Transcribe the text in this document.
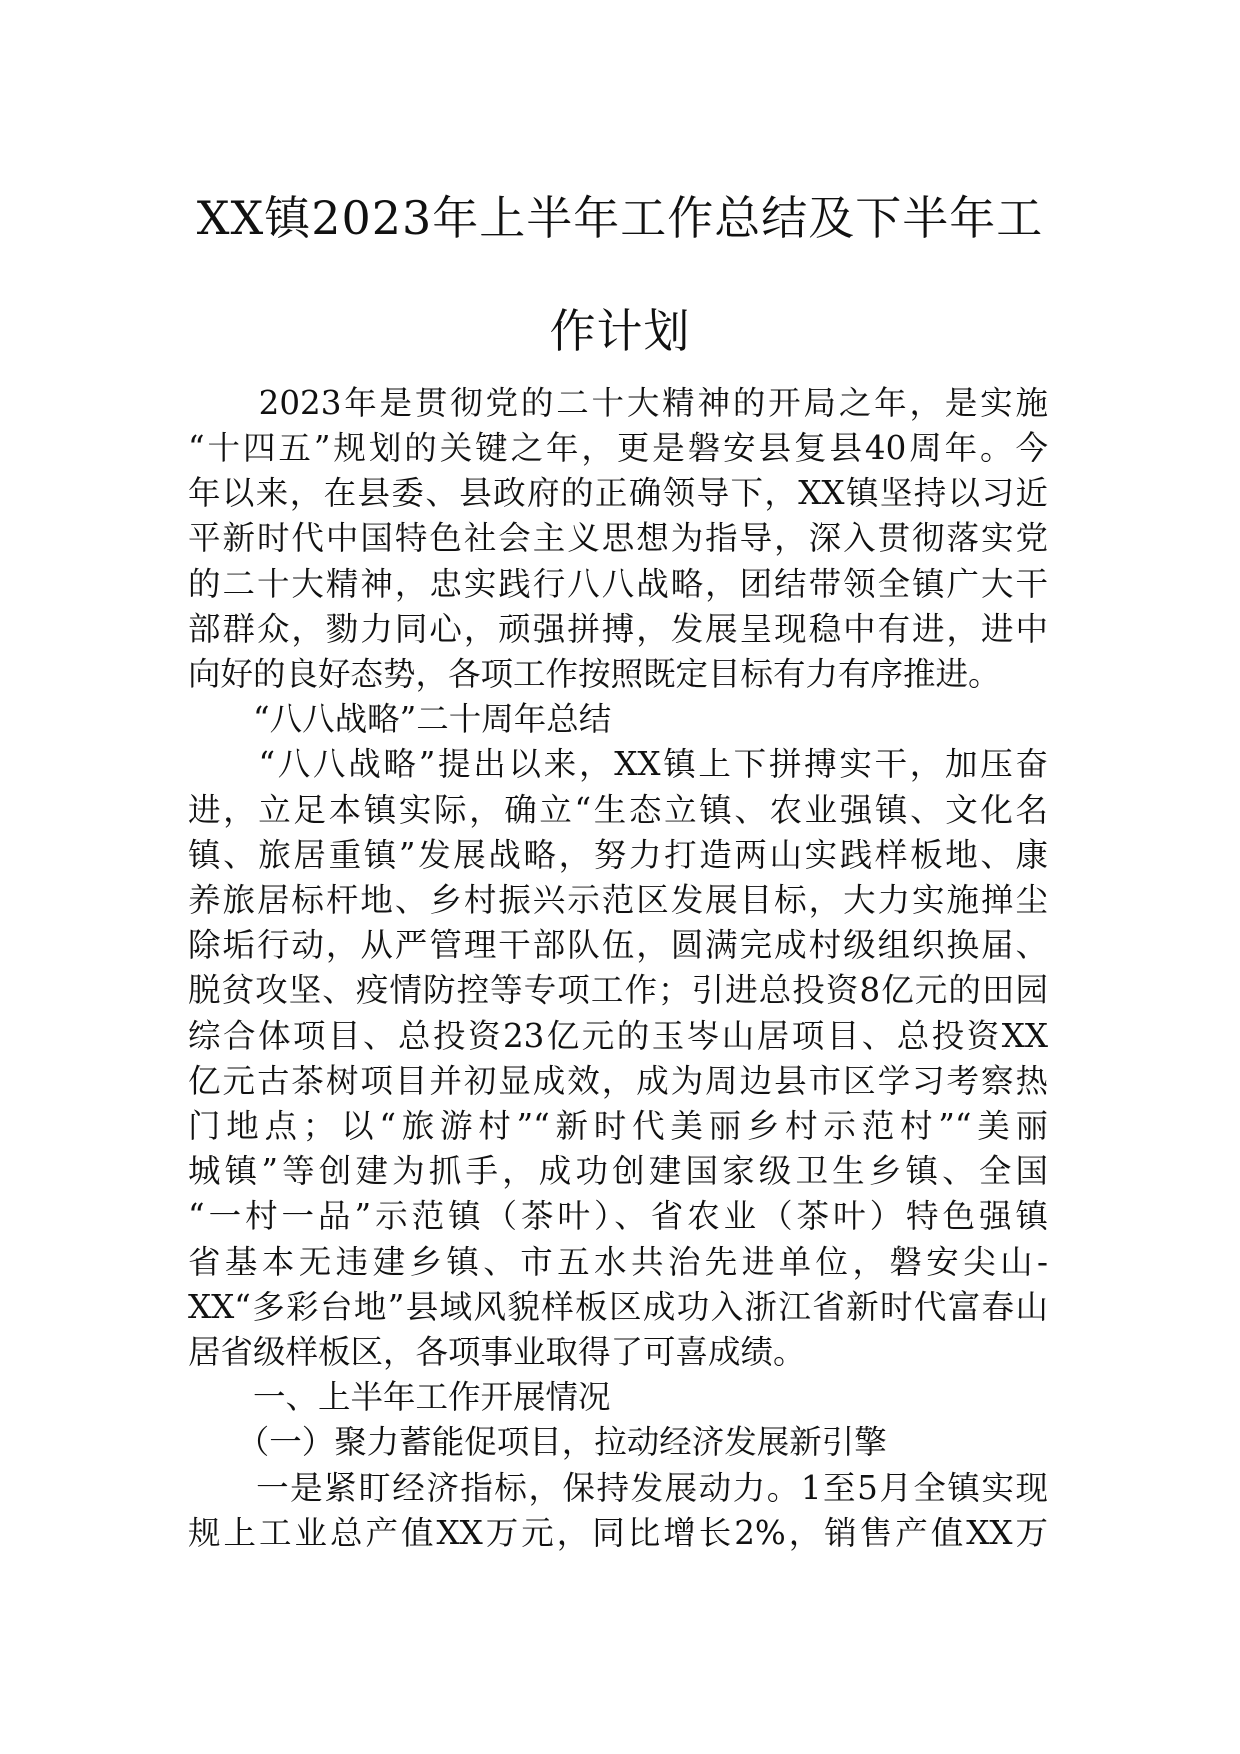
XX镇2023年上半年工作总结及下半年工
作计划
　　2023年是贯彻党的二十大精神的开局之年，是实施
“十四五”规划的关键之年，更是磐安县复县40周年。今
年以来，在县委、县政府的正确领导下，XX镇坚持以习近
平新时代中国特色社会主义思想为指导，深入贯彻落实党
的二十大精神，忠实践行八八战略，团结带领全镇广大干
部群众，勠力同心，顽强拼搏，发展呈现稳中有进，进中
向好的良好态势，各项工作按照既定目标有力有序推进。
　　“八八战略”二十周年总结
　　“八八战略”提出以来，XX镇上下拼搏实干，加压奋
进，立足本镇实际，确立“生态立镇、农业强镇、文化名
镇、旅居重镇”发展战略，努力打造两山实践样板地、康
养旅居标杆地、乡村振兴示范区发展目标，大力实施掸尘
除垢行动，从严管理干部队伍，圆满完成村级组织换届、
脱贫攻坚、疫情防控等专项工作；引进总投资8亿元的田园
综合体项目、总投资23亿元的玉岑山居项目、总投资XX
亿元古茶树项目并初显成效，成为周边县市区学习考察热
门地点；以“旅游村”“新时代美丽乡村示范村”“美丽
城镇”等创建为抓手，成功创建国家级卫生乡镇、全国
“一村一品”示范镇（茶叶）、省农业（茶叶）特色强镇
省基本无违建乡镇、市五水共治先进单位，磐安尖山-
XX“多彩台地”县域风貌样板区成功入浙江省新时代富春山
居省级样板区，各项事业取得了可喜成绩。
　　一、上半年工作开展情况
　　（一）聚力蓄能促项目，拉动经济发展新引擎
　　一是紧盯经济指标，保持发展动力。1至5月全镇实现
规上工业总产值XX万元，同比增长2%，销售产值XX万
